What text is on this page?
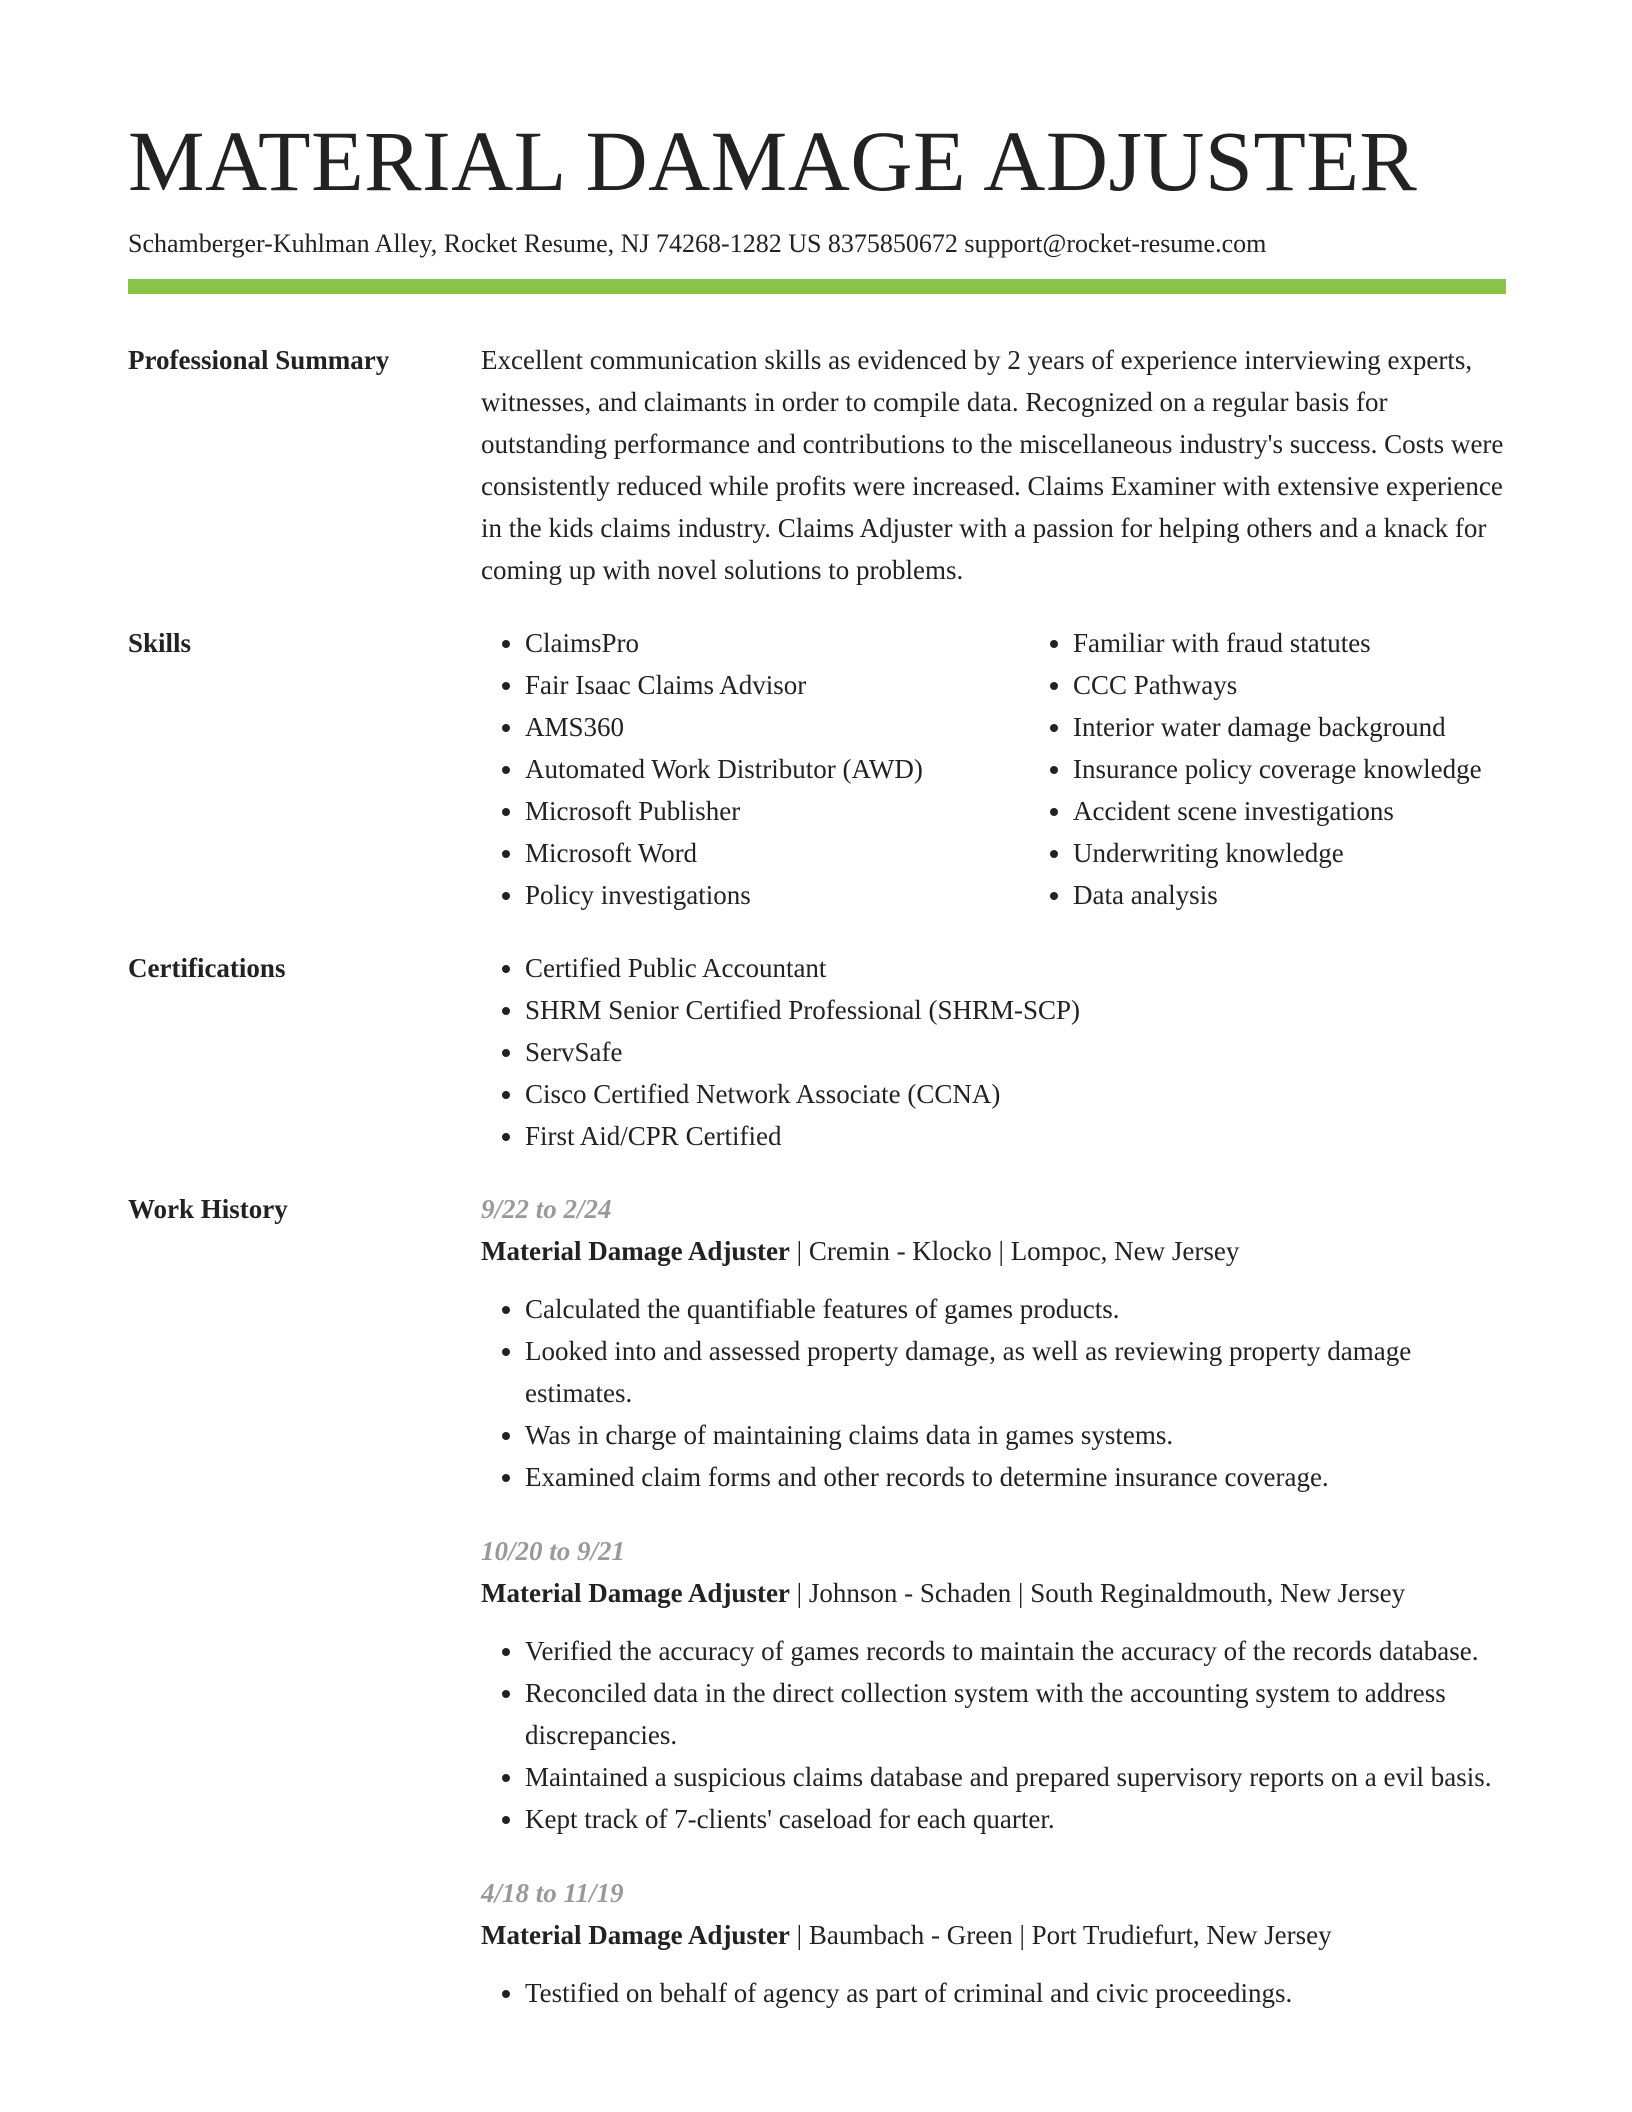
MATERIAL DAMAGE ADJUSTER
Schamberger-Kuhlman Alley, Rocket Resume, NJ 74268-1282 US 8375850672 support@rocket-resume.com
Professional Summary	Excellent communication skills as evidenced by 2 years of experience interviewing experts, witnesses, and claimants in order to compile data. Recognized on a regular basis for outstanding performance and contributions to the miscellaneous industry's success. Costs were consistently reduced while profits were increased. Claims Examiner with extensive experience in the kids claims industry. Claims Adjuster with a passion for helping others and a knack for coming up with novel solutions to problems.
Skills	• ClaimsPro
• Fair Isaac Claims Advisor
• AMS360
• Automated Work Distributor (AWD)
• Microsoft Publisher
• Microsoft Word
• Policy investigations
• Familiar with fraud statutes
• CCC Pathways
• Interior water damage background
• Insurance policy coverage knowledge
• Accident scene investigations
• Underwriting knowledge
• Data analysis
Certifications	• Certified Public Accountant
• SHRM Senior Certified Professional (SHRM-SCP)
• ServSafe
• Cisco Certified Network Associate (CCNA)
• First Aid/CPR Certified
Work History	9/22 to 2/24
Material Damage Adjuster | Cremin - Klocko | Lompoc, New Jersey
• Calculated the quantifiable features of games products.
• Looked into and assessed property damage, as well as reviewing property damage estimates.
• Was in charge of maintaining claims data in games systems.
• Examined claim forms and other records to determine insurance coverage.
10/20 to 9/21
Material Damage Adjuster | Johnson - Schaden | South Reginaldmouth, New Jersey
• Verified the accuracy of games records to maintain the accuracy of the records database.
• Reconciled data in the direct collection system with the accounting system to address discrepancies.
• Maintained a suspicious claims database and prepared supervisory reports on a evil basis.
• Kept track of 7-clients' caseload for each quarter.
4/18 to 11/19
Material Damage Adjuster | Baumbach - Green | Port Trudiefurt, New Jersey
• Testified on behalf of agency as part of criminal and civic proceedings.
